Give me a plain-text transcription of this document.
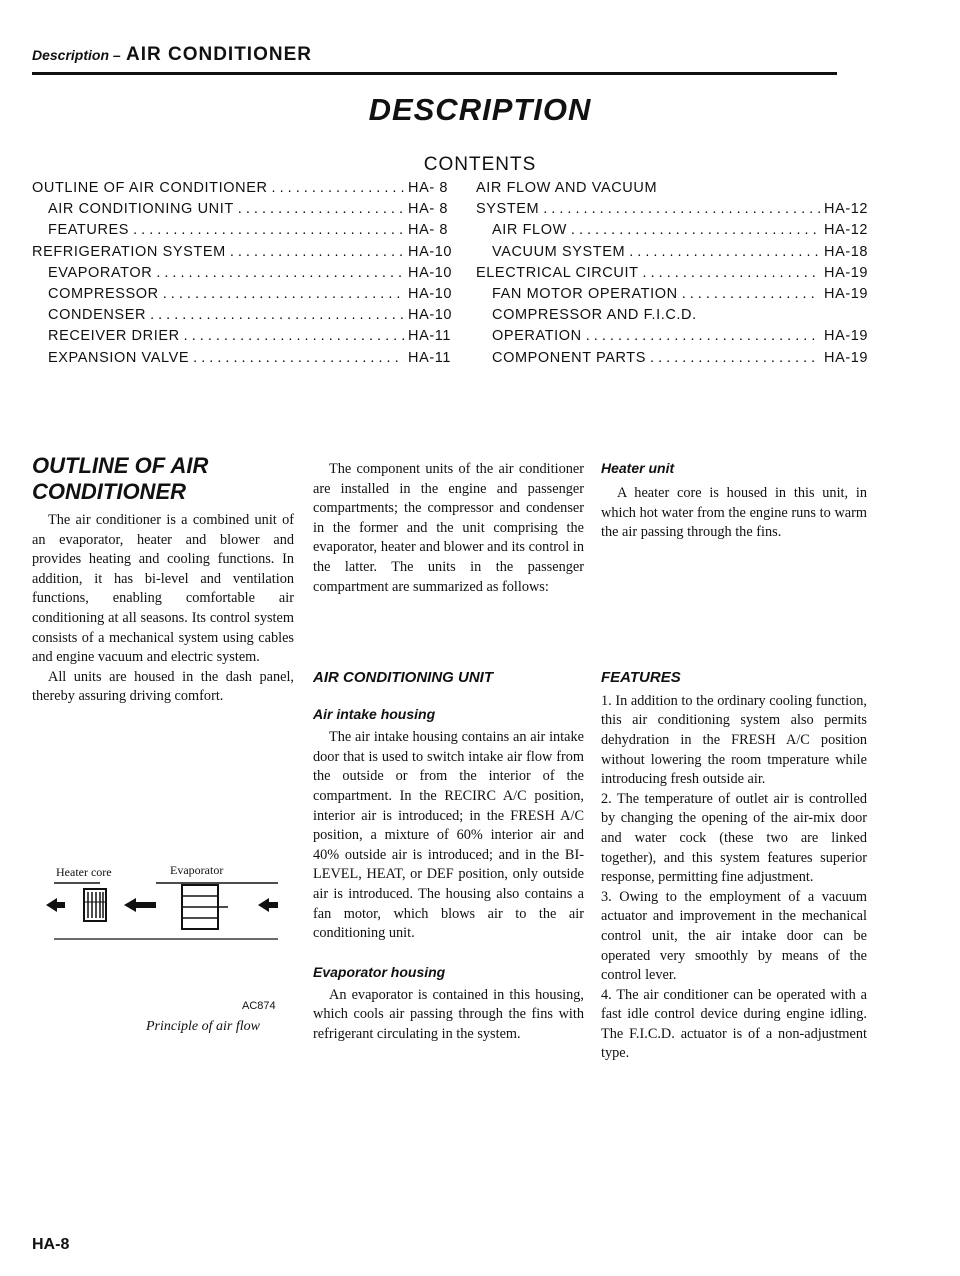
Description – AIR CONDITIONER
DESCRIPTION
CONTENTS
OUTLINE OF AIR CONDITIONER . . .	HA- 8
AIR CONDITIONING UNIT . . .	HA- 8
FEATURES . . .	HA- 8
REFRIGERATION SYSTEM . . .	HA-10
EVAPORATOR . . .	HA-10
COMPRESSOR . . .	HA-10
CONDENSER . . .	HA-10
RECEIVER DRIER . . .	HA-11
EXPANSION VALVE . . .	HA-11
AIR FLOW AND VACUUM
SYSTEM . . .	HA-12
AIR FLOW . . .	HA-12
VACUUM SYSTEM . . .	HA-18
ELECTRICAL CIRCUIT . . .	HA-19
FAN MOTOR OPERATION . . .	HA-19
COMPRESSOR AND F.I.C.D.
OPERATION . . .	HA-19
COMPONENT PARTS . . .	HA-19
OUTLINE OF AIR
CONDITIONER

The air conditioner is a combined unit of an evaporator, heater and blower and provides heating and cooling functions. In addition, it has bi-level and ventilation functions, enabling comfortable air conditioning at all seasons. Its control system consists of a mechanical system using cables and engine vacuum and electric system.

All units are housed in the dash panel, thereby assuring driving comfort.

Heater core	Evaporator
AC874
Principle of air flow

The component units of the air conditioner are installed in the engine and passenger compartments; the compressor and condenser in the former and the unit comprising the evaporator, heater and blower and its control in the latter. The units in the passenger compartment are summarized as follows:

AIR CONDITIONING UNIT
Air intake housing

The air intake housing contains an air intake door that is used to switch intake air flow from the outside or from the interior of the compartment. In the RECIRC A/C position, interior air is introduced; in the FRESH A/C position, a mixture of 60% interior air and 40% outside air is introduced; and in the BI-LEVEL, HEAT, or DEF position, only outside air is introduced. The housing also contains a fan motor, which blows air to the air conditioning unit.

Evaporator housing

An evaporator is contained in this housing, which cools air passing through the fins with refrigerant circulating in the system.

Heater unit

A heater core is housed in this unit, in which hot water from the engine runs to warm the air passing through the fins.

FEATURES

1. In addition to the ordinary cooling function, this air conditioning system also permits dehydration in the FRESH A/C position without lowering the room tmperature while introducing fresh outside air.

2. The temperature of outlet air is controlled by changing the opening of the air-mix door and water cock (these two are linked together), and this system features superior response, permitting fine adjustment.

3. Owing to the employment of a vacuum actuator and improvement in the mechanical control unit, the air intake door can be operated very smoothly by means of the control lever.

4. The air conditioner can be operated with a fast idle control device during engine idling. The F.I.C.D. actuator is of a non-adjustment type.

HA-8
